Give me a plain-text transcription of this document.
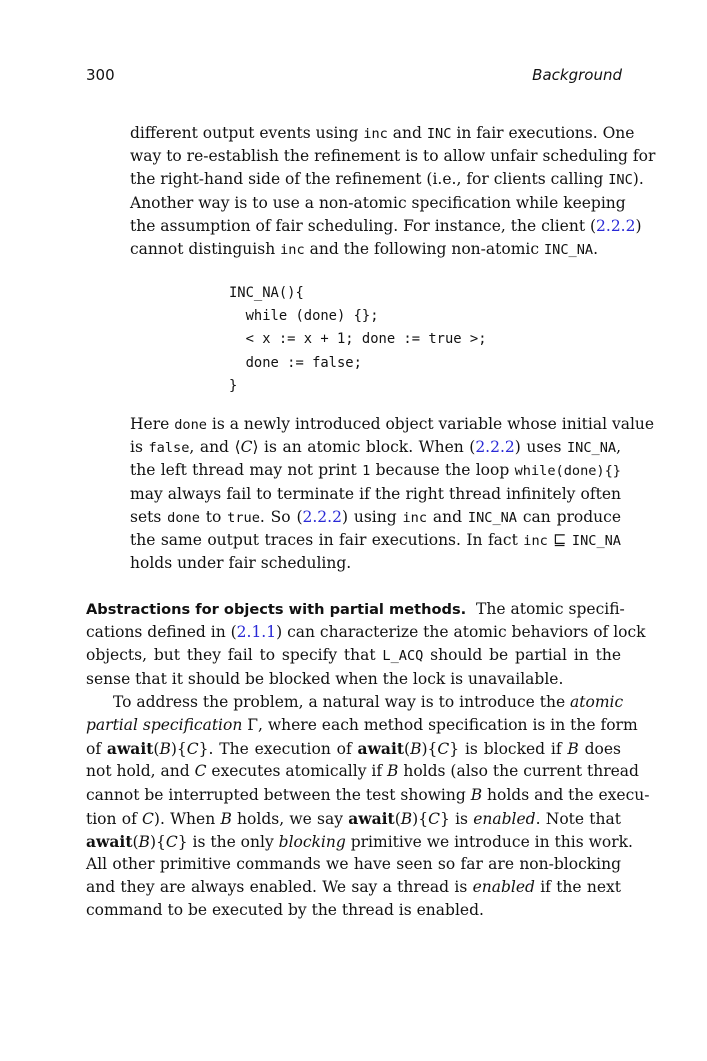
300	Background
different output events using inc and INC in fair executions. One
way to re-establish the refinement is to allow unfair scheduling for
the right-hand side of the refinement (i.e., for clients calling INC).
Another way is to use a non-atomic specification while keeping
the assumption of fair scheduling. For instance, the client (2.2.2)
cannot distinguish inc and the following non-atomic INC_NA.
INC_NA(){
while (done) {};
< x := x + 1; done := true >;
done := false;
}
Here done is a newly introduced object variable whose initial value
is false, and ⟨C⟩ is an atomic block. When (2.2.2) uses INC_NA,
the left thread may not print 1 because the loop while(done){}
may always fail to terminate if the right thread infinitely often
sets done to true. So (2.2.2) using inc and INC_NA can produce
the same output traces in fair executions. In fact inc ⊑ INC_NA
holds under fair scheduling.
Abstractions for objects with partial methods. The atomic specifi-
cations defined in (2.1.1) can characterize the atomic behaviors of lock
objects, but they fail to specify that L_ACQ should be partial in the
sense that it should be blocked when the lock is unavailable.
To address the problem, a natural way is to introduce the atomic
partial specification Γ, where each method specification is in the form
of await(B){C}. The execution of await(B){C} is blocked if B does
not hold, and C executes atomically if B holds (also the current thread
cannot be interrupted between the test showing B holds and the execu-
tion of C). When B holds, we say await(B){C} is enabled. Note that
await(B){C} is the only blocking primitive we introduce in this work.
All other primitive commands we have seen so far are non-blocking
and they are always enabled. We say a thread is enabled if the next
command to be executed by the thread is enabled.
